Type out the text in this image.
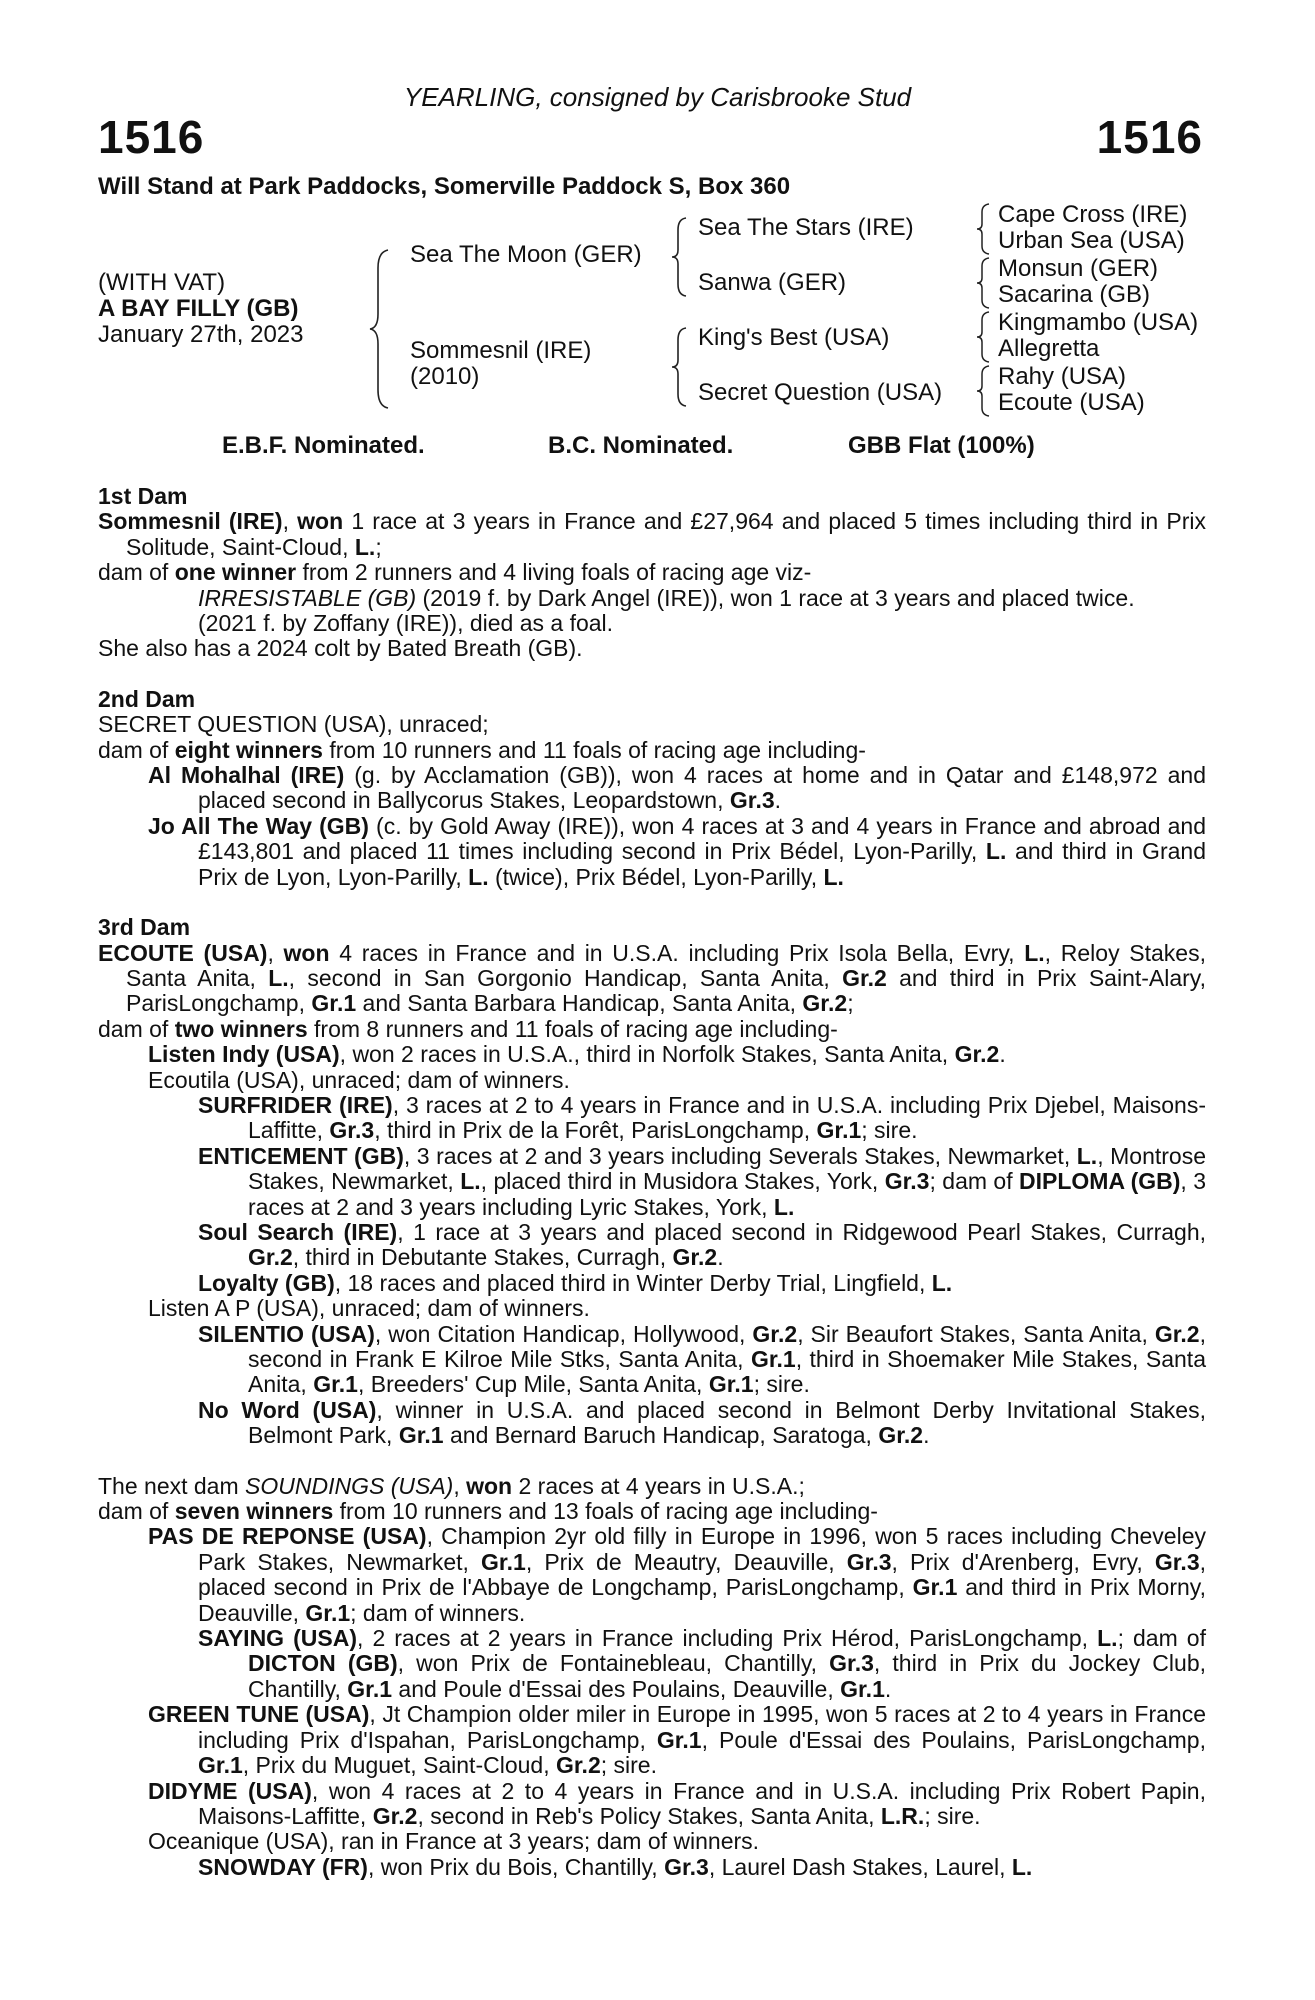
YEARLING, consigned by Carisbrooke Stud
1516	1516
Will Stand at Park Paddocks, Somerville Paddock S, Box 360
(WITH VAT)
A BAY FILLY (GB)
January 27th, 2023
Sea The Moon (GER)
Sommesnil (IRE)
(2010)
Sea The Stars (IRE)
Sanwa (GER)
King's Best (USA)
Secret Question (USA)
Cape Cross (IRE)
Urban Sea (USA)
Monsun (GER)
Sacarina (GB)
Kingmambo (USA)
Allegretta
Rahy (USA)
Ecoute (USA)
E.B.F. Nominated.	B.C. Nominated.	GBB Flat (100%)
1st Dam

Sommesnil (IRE), won 1 race at 3 years in France and £27,964 and placed 5 times including third in Prix Solitude, Saint-Cloud, L.;

dam of one winner from 2 runners and 4 living foals of racing age viz-

IRRESISTABLE (GB) (2019 f. by Dark Angel (IRE)), won 1 race at 3 years and placed twice.

(2021 f. by Zoffany (IRE)), died as a foal.

She also has a 2024 colt by Bated Breath (GB).

2nd Dam

SECRET QUESTION (USA), unraced;

dam of eight winners from 10 runners and 11 foals of racing age including-

Al Mohalhal (IRE) (g. by Acclamation (GB)), won 4 races at home and in Qatar and £148,972 and placed second in Ballycorus Stakes, Leopardstown, Gr.3.

Jo All The Way (GB) (c. by Gold Away (IRE)), won 4 races at 3 and 4 years in France and abroad and £143,801 and placed 11 times including second in Prix Bédel, Lyon-Parilly, L. and third in Grand Prix de Lyon, Lyon-Parilly, L. (twice), Prix Bédel, Lyon-Parilly, L.

3rd Dam

ECOUTE (USA), won 4 races in France and in U.S.A. including Prix Isola Bella, Evry, L., Reloy Stakes, Santa Anita, L., second in San Gorgonio Handicap, Santa Anita, Gr.2 and third in Prix Saint-Alary, ParisLongchamp, Gr.1 and Santa Barbara Handicap, Santa Anita, Gr.2;

dam of two winners from 8 runners and 11 foals of racing age including-

Listen Indy (USA), won 2 races in U.S.A., third in Norfolk Stakes, Santa Anita, Gr.2.

Ecoutila (USA), unraced; dam of winners.

SURFRIDER (IRE), 3 races at 2 to 4 years in France and in U.S.A. including Prix Djebel, Maisons-Laffitte, Gr.3, third in Prix de la Forêt, ParisLongchamp, Gr.1; sire.

ENTICEMENT (GB), 3 races at 2 and 3 years including Severals Stakes, Newmarket, L., Montrose Stakes, Newmarket, L., placed third in Musidora Stakes, York, Gr.3; dam of DIPLOMA (GB), 3 races at 2 and 3 years including Lyric Stakes, York, L.

Soul Search (IRE), 1 race at 3 years and placed second in Ridgewood Pearl Stakes, Curragh, Gr.2, third in Debutante Stakes, Curragh, Gr.2.

Loyalty (GB), 18 races and placed third in Winter Derby Trial, Lingfield, L.

Listen A P (USA), unraced; dam of winners.

SILENTIO (USA), won Citation Handicap, Hollywood, Gr.2, Sir Beaufort Stakes, Santa Anita, Gr.2, second in Frank E Kilroe Mile Stks, Santa Anita, Gr.1, third in Shoemaker Mile Stakes, Santa Anita, Gr.1, Breeders' Cup Mile, Santa Anita, Gr.1; sire.

No Word (USA), winner in U.S.A. and placed second in Belmont Derby Invitational Stakes, Belmont Park, Gr.1 and Bernard Baruch Handicap, Saratoga, Gr.2.

The next dam SOUNDINGS (USA), won 2 races at 4 years in U.S.A.;

dam of seven winners from 10 runners and 13 foals of racing age including-

PAS DE REPONSE (USA), Champion 2yr old filly in Europe in 1996, won 5 races including Cheveley Park Stakes, Newmarket, Gr.1, Prix de Meautry, Deauville, Gr.3, Prix d'Arenberg, Evry, Gr.3, placed second in Prix de l'Abbaye de Longchamp, ParisLongchamp, Gr.1 and third in Prix Morny, Deauville, Gr.1; dam of winners.

SAYING (USA), 2 races at 2 years in France including Prix Hérod, ParisLongchamp, L.; dam of DICTON (GB), won Prix de Fontainebleau, Chantilly, Gr.3, third in Prix du Jockey Club, Chantilly, Gr.1 and Poule d'Essai des Poulains, Deauville, Gr.1.

GREEN TUNE (USA), Jt Champion older miler in Europe in 1995, won 5 races at 2 to 4 years in France including Prix d'Ispahan, ParisLongchamp, Gr.1, Poule d'Essai des Poulains, ParisLongchamp, Gr.1, Prix du Muguet, Saint-Cloud, Gr.2; sire.

DIDYME (USA), won 4 races at 2 to 4 years in France and in U.S.A. including Prix Robert Papin, Maisons-Laffitte, Gr.2, second in Reb's Policy Stakes, Santa Anita, L.R.; sire.

Oceanique (USA), ran in France at 3 years; dam of winners.

SNOWDAY (FR), won Prix du Bois, Chantilly, Gr.3, Laurel Dash Stakes, Laurel, L.
